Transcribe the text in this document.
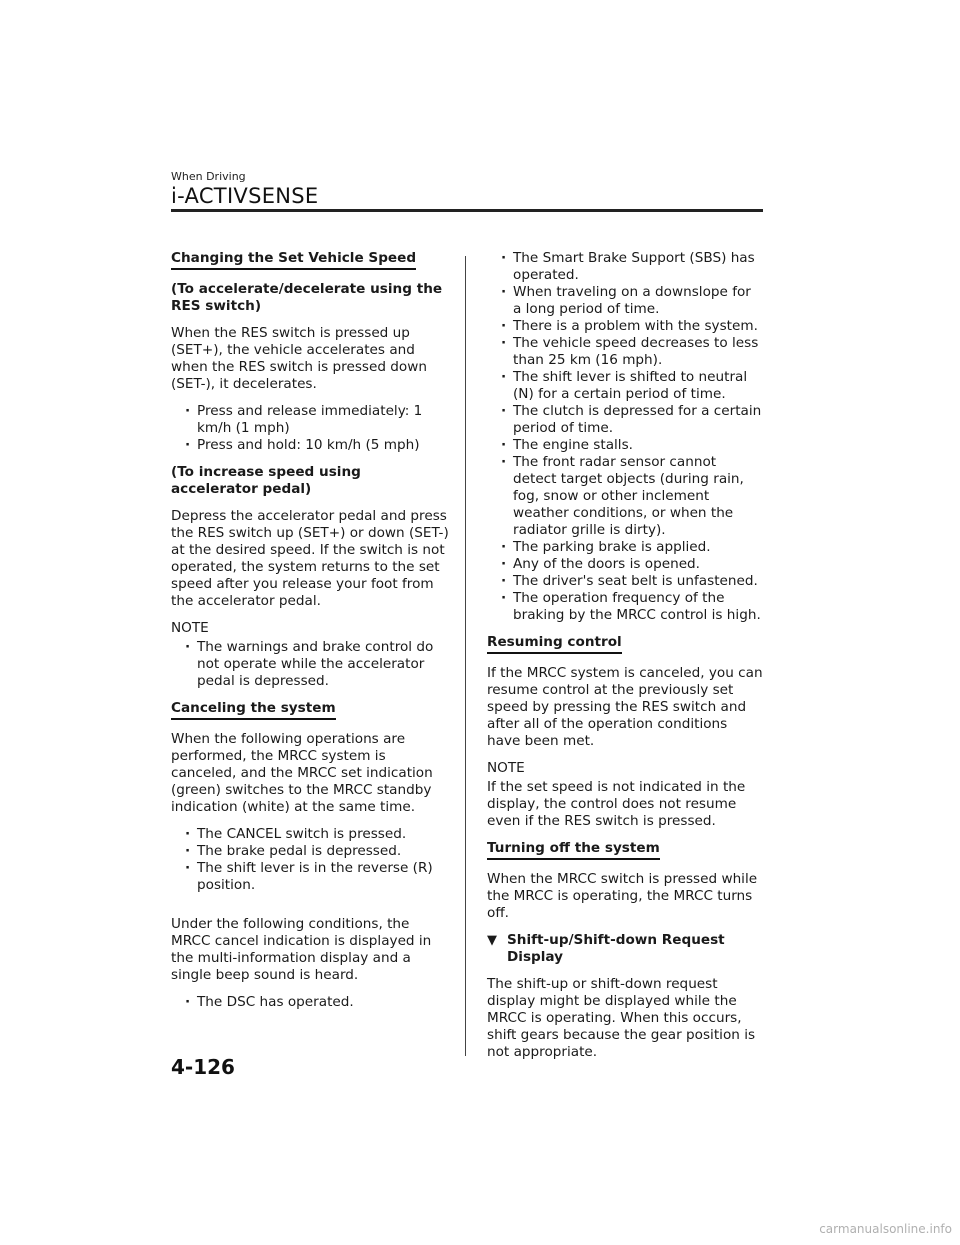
When Driving
i-ACTIVSENSE
Changing the Set Vehicle Speed
(To accelerate/decelerate using the RES switch)

When the RES switch is pressed up (SET+), the vehicle accelerates and when the RES switch is pressed down (SET-), it decelerates.

· Press and release immediately: 1 km/h (1 mph)
· Press and hold: 10 km/h (5 mph)
(To increase speed using accelerator pedal)

Depress the accelerator pedal and press the RES switch up (SET+) or down (SET-) at the desired speed. If the switch is not operated, the system returns to the set speed after you release your foot from the accelerator pedal.

NOTE
· The warnings and brake control do not operate while the accelerator pedal is depressed.
Canceling the system

When the following operations are performed, the MRCC system is canceled, and the MRCC set indication (green) switches to the MRCC standby indication (white) at the same time.

· The CANCEL switch is pressed.
· The brake pedal is depressed.
· The shift lever is in the reverse (R) position.

Under the following conditions, the MRCC cancel indication is displayed in the multi-information display and a single beep sound is heard.

· The DSC has operated.
· The Smart Brake Support (SBS) has operated.
· When traveling on a downslope for a long period of time.
· There is a problem with the system.
· The vehicle speed decreases to less than 25 km (16 mph).
· The shift lever is shifted to neutral (N) for a certain period of time.
· The clutch is depressed for a certain period of time.
· The engine stalls.
· The front radar sensor cannot detect target objects (during rain, fog, snow or other inclement weather conditions, or when the radiator grille is dirty).
· The parking brake is applied.
· Any of the doors is opened.
· The driver's seat belt is unfastened.
· The operation frequency of the braking by the MRCC control is high.
Resuming control

If the MRCC system is canceled, you can resume control at the previously set speed by pressing the RES switch and after all of the operation conditions have been met.

NOTE

If the set speed is not indicated in the display, the control does not resume even if the RES switch is pressed.

Turning off the system

When the MRCC switch is pressed while the MRCC is operating, the MRCC turns off.

▼ Shift-up/Shift-down Request Display

The shift-up or shift-down request display might be displayed while the MRCC is operating. When this occurs, shift gears because the gear position is not appropriate.

4-126
carmanualsonline.info
